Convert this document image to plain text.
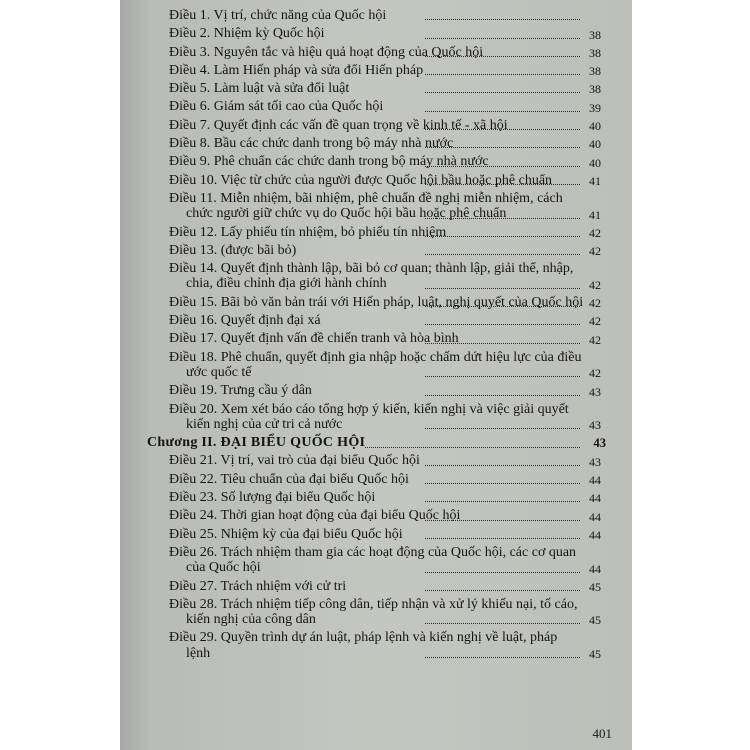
Điều 1. Vị trí, chức năng của Quốc hội
Điều 2. Nhiệm kỳ Quốc hội	38
Điều 3. Nguyên tắc và hiệu quả hoạt động của Quốc hội	38
Điều 4. Làm Hiến pháp và sửa đổi Hiến pháp	38
Điều 5. Làm luật và sửa đổi luật	38
Điều 6. Giám sát tối cao của Quốc hội	39
Điều 7. Quyết định các vấn đề quan trọng về kinh tế - xã hội	40
Điều 8. Bầu các chức danh trong bộ máy nhà nước	40
Điều 9. Phê chuẩn các chức danh trong bộ máy nhà nước	40
Điều 10. Việc từ chức của người được Quốc hội bầu hoặc phê chuẩn	41
Điều 11. Miễn nhiệm, bãi nhiệm, phê chuẩn đề nghị miễn nhiệm, cách chức người giữ chức vụ do Quốc hội bầu hoặc phê chuẩn	41
Điều 12. Lấy phiếu tín nhiệm, bỏ phiếu tín nhiệm	42
Điều 13. (được bãi bỏ)	42
Điều 14. Quyết định thành lập, bãi bỏ cơ quan; thành lập, giải thể, nhập, chia, điều chỉnh địa giới hành chính	42
Điều 15. Bãi bỏ văn bản trái với Hiến pháp, luật, nghị quyết của Quốc hội 42
Điều 16. Quyết định đại xá	42
Điều 17. Quyết định vấn đề chiến tranh và hòa bình	42
Điều 18. Phê chuẩn, quyết định gia nhập hoặc chấm dứt hiệu lực của điều ước quốc tế	42
Điều 19. Trưng cầu ý dân	43
Điều 20. Xem xét báo cáo tổng hợp ý kiến, kiến nghị và việc giải quyết kiến nghị của cử tri cả nước	43
Chương II. ĐẠI BIỂU QUỐC HỘI	43
Điều 21. Vị trí, vai trò của đại biểu Quốc hội	43
Điều 22. Tiêu chuẩn của đại biểu Quốc hội	44
Điều 23. Số lượng đại biểu Quốc hội	44
Điều 24. Thời gian hoạt động của đại biểu Quốc hội	44
Điều 25. Nhiệm kỳ của đại biểu Quốc hội	44
Điều 26. Trách nhiệm tham gia các hoạt động của Quốc hội, các cơ quan của Quốc hội	44
Điều 27. Trách nhiệm với cử tri	45
Điều 28. Trách nhiệm tiếp công dân, tiếp nhận và xử lý khiếu nại, tố cáo, kiến nghị của công dân	45
Điều 29. Quyền trình dự án luật, pháp lệnh và kiến nghị về luật, pháp lệnh	45
401
